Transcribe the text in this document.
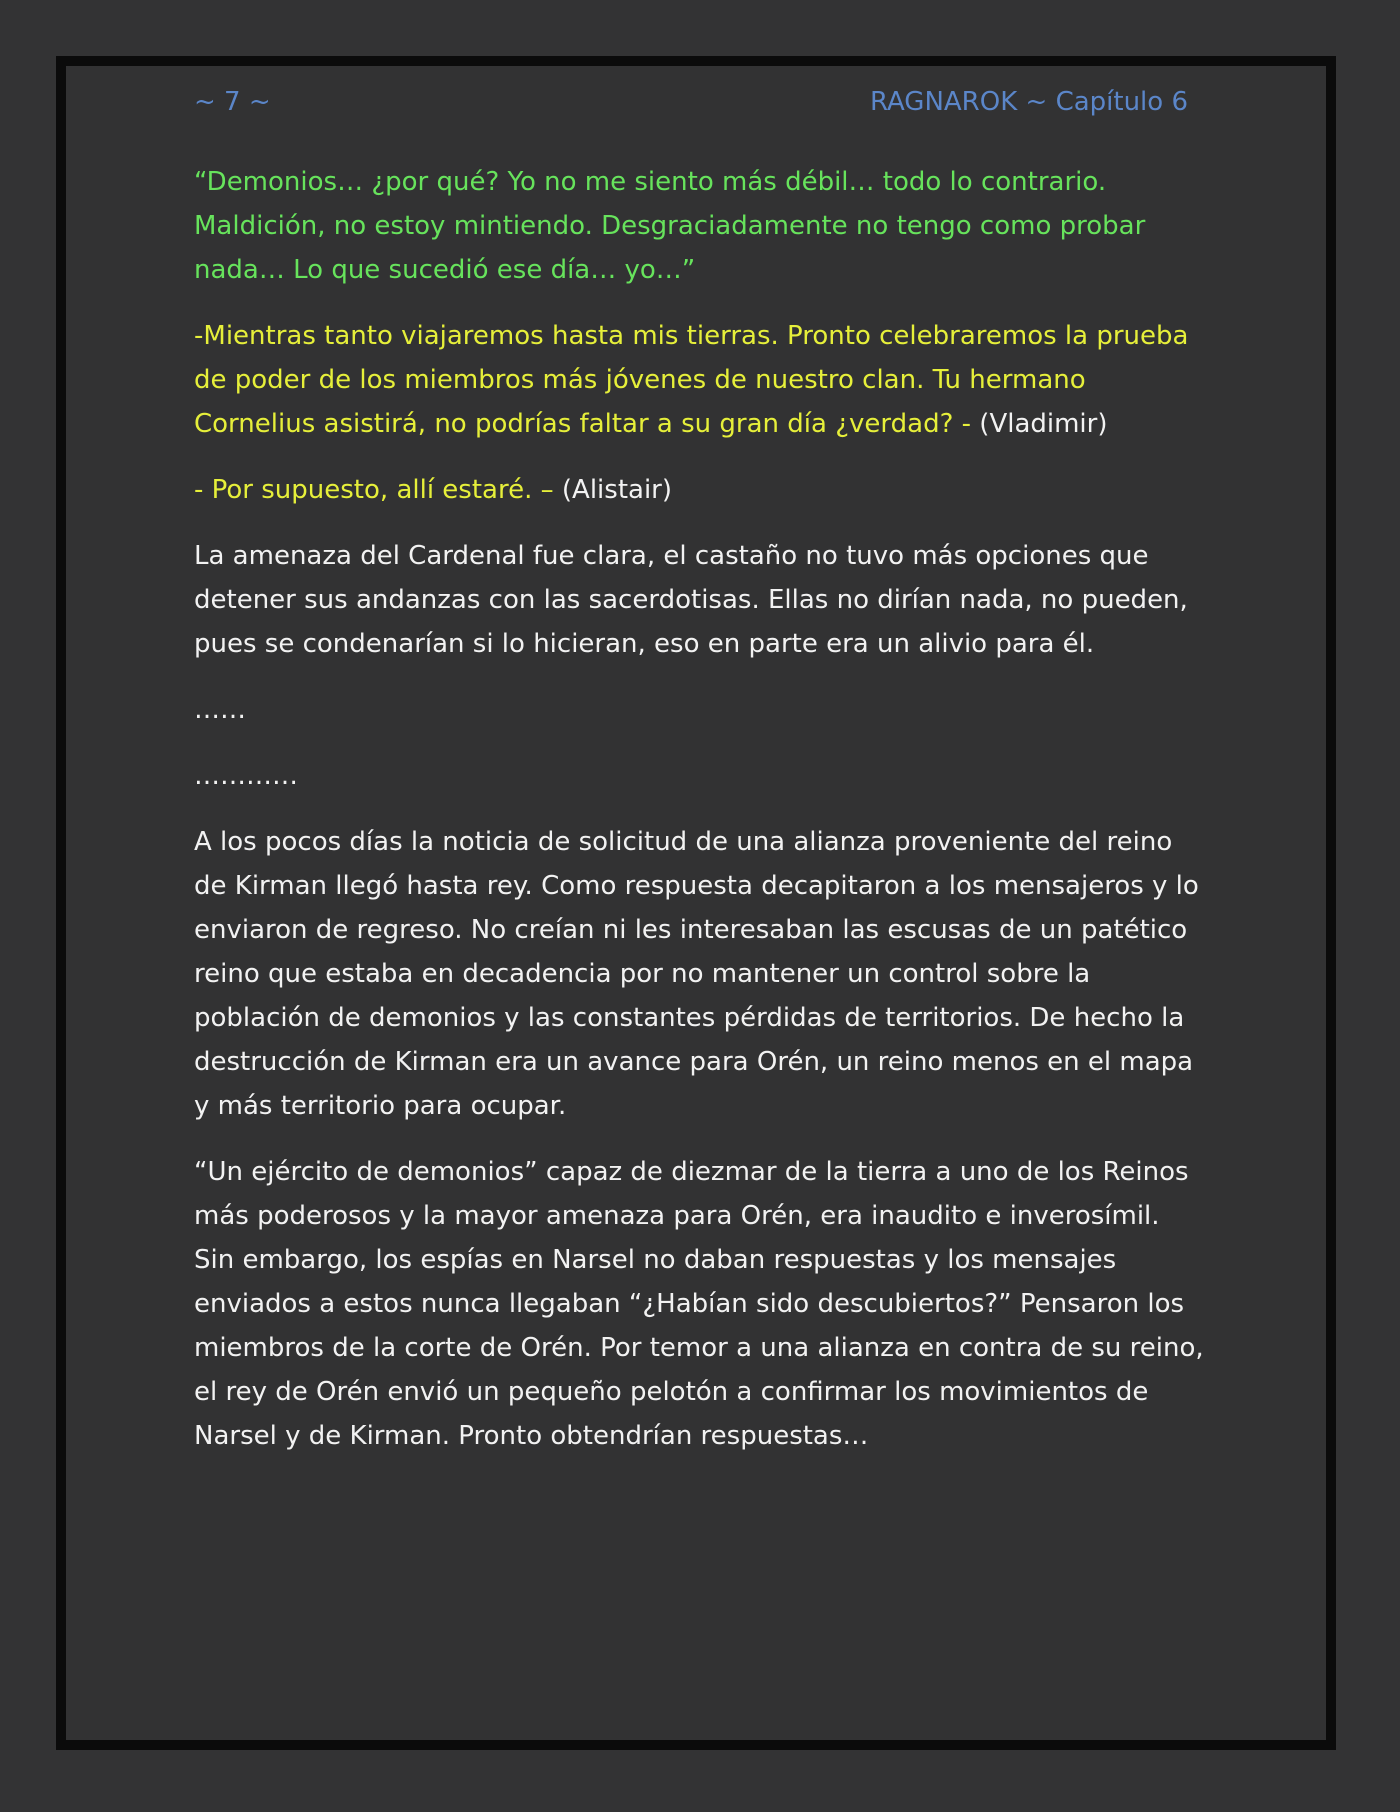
~ 7 ~	RAGNAROK ~ Capítulo 6

“Demonios… ¿por qué? Yo no me siento más débil… todo lo contrario. Maldición, no estoy mintiendo. Desgraciadamente no tengo como probar nada… Lo que sucedió ese día… yo…”

-Mientras tanto viajaremos hasta mis tierras. Pronto celebraremos la prueba de poder de los miembros más jóvenes de nuestro clan. Tu hermano Cornelius asistirá, no podrías faltar a su gran día ¿verdad? - (Vladimir)

- Por supuesto, allí estaré. – (Alistair)

La amenaza del Cardenal fue clara, el castaño no tuvo más opciones que detener sus andanzas con las sacerdotisas. Ellas no dirían nada, no pueden, pues se condenarían si lo hicieran, eso en parte era un alivio para él.

……

…………

A los pocos días la noticia de solicitud de una alianza proveniente del reino de Kirman llegó hasta rey. Como respuesta decapitaron a los mensajeros y lo enviaron de regreso. No creían ni les interesaban las escusas de un patético reino que estaba en decadencia por no mantener un control sobre la población de demonios y las constantes pérdidas de territorios. De hecho la destrucción de Kirman era un avance para Orén, un reino menos en el mapa y más territorio para ocupar.

“Un ejército de demonios” capaz de diezmar de la tierra a uno de los Reinos más poderosos y la mayor amenaza para Orén, era inaudito e inverosímil. Sin embargo, los espías en Narsel no daban respuestas y los mensajes enviados a estos nunca llegaban “¿Habían sido descubiertos?” Pensaron los miembros de la corte de Orén. Por temor a una alianza en contra de su reino, el rey de Orén envió un pequeño pelotón a confirmar los movimientos de Narsel y de Kirman. Pronto obtendrían respuestas…
